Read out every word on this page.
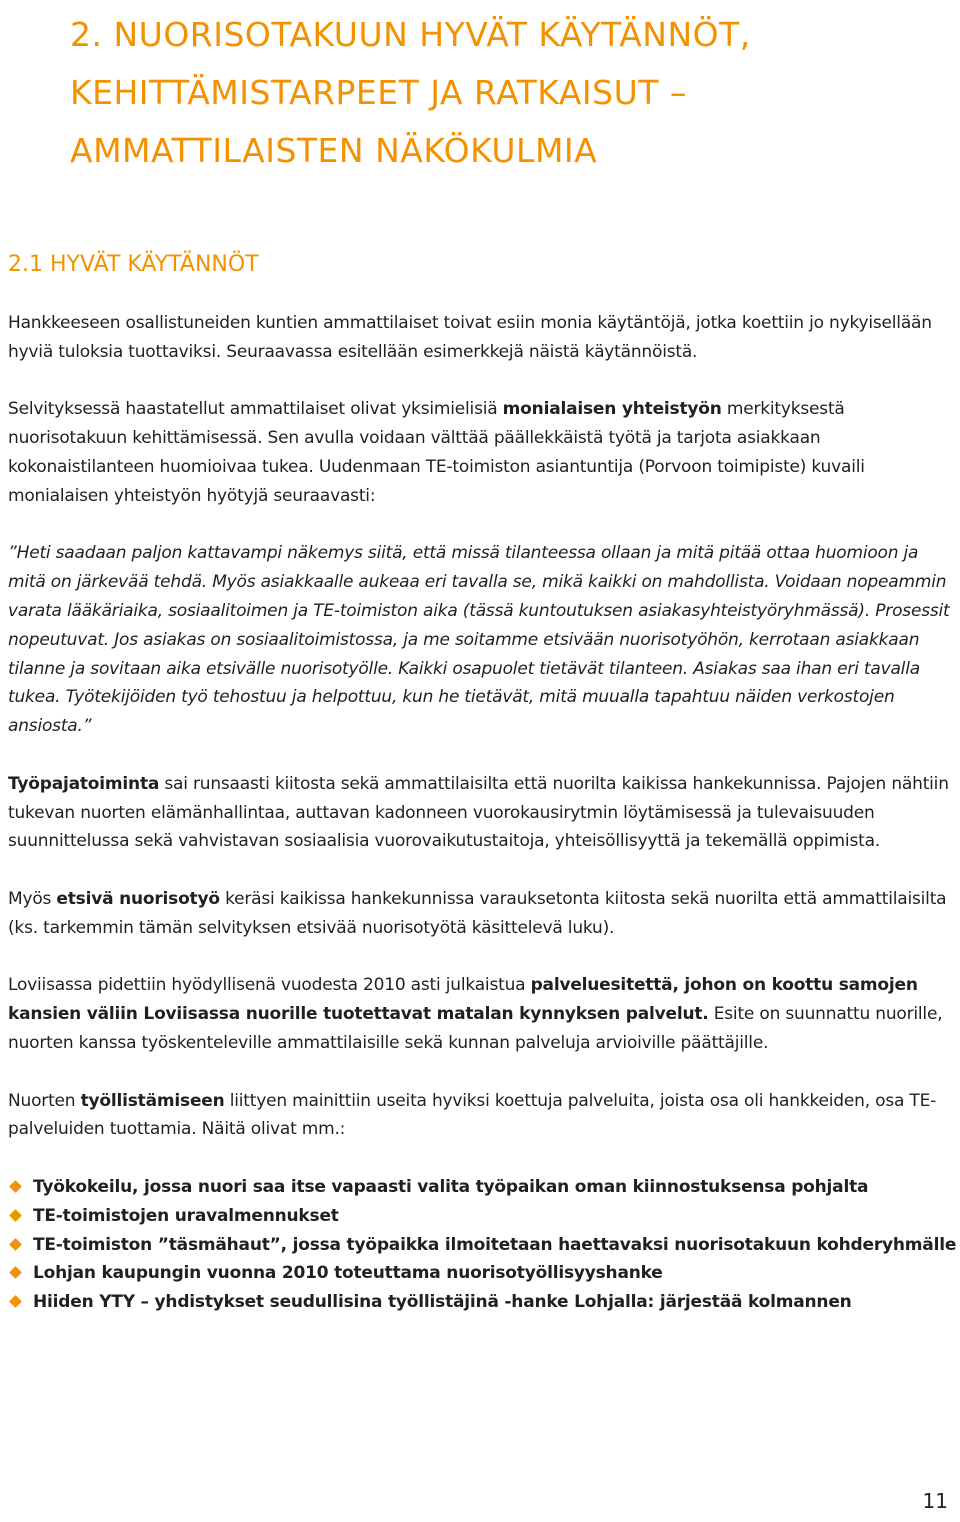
2. NUORISOTAKUUN HYVÄT KÄYTÄNNÖT, KEHITTÄMISTARPEET JA RATKAISUT – AMMATTILAISTEN NÄKÖKULMIA
2.1 HYVÄT KÄYTÄNNÖT

Hankkeeseen osallistuneiden kuntien ammattilaiset toivat esiin monia käytäntöjä, jotka koettiin jo nykyisellään hyviä tuloksia tuottaviksi. Seuraavassa esitellään esimerkkejä näistä käytännöistä.

Selvityksessä haastatellut ammattilaiset olivat yksimielisiä monialaisen yhteistyön merkityksestä nuorisotakuun kehittämisessä. Sen avulla voidaan välttää päällekkäistä työtä ja tarjota asiakkaan kokonaistilanteen huomioivaa tukea. Uudenmaan TE-toimiston asiantuntija (Porvoon toimipiste) kuvaili monialaisen yhteistyön hyötyjä seuraavasti:

”Heti saadaan paljon kattavampi näkemys siitä, että missä tilanteessa ollaan ja mitä pitää ottaa huomioon ja mitä on järkevää tehdä. Myös asiakkaalle aukeaa eri tavalla se, mikä kaikki on mahdollista. Voidaan nopeammin varata lääkäriaika, sosiaalitoimen ja TE-toimiston aika (tässä kuntoutuksen asiakasyhteistyöryhmässä). Prosessit nopeutuvat. Jos asiakas on sosiaalitoimistossa, ja me soitamme etsivään nuorisotyöhön, kerrotaan asiakkaan tilanne ja sovitaan aika etsivälle nuorisotyölle. Kaikki osapuolet tietävät tilanteen. Asiakas saa ihan eri tavalla tukea. Työtekijöiden työ tehostuu ja helpottuu, kun he tietävät, mitä muualla tapahtuu näiden verkostojen ansiosta.”

Työpajatoiminta sai runsaasti kiitosta sekä ammattilaisilta että nuorilta kaikissa hankekunnissa. Pajojen nähtiin tukevan nuorten elämänhallintaa, auttavan kadonneen vuorokausirytmin löytämisessä ja tulevaisuuden suunnittelussa sekä vahvistavan sosiaalisia vuorovaikutustaitoja, yhteisöllisyyttä ja tekemällä oppimista.

Myös etsivä nuorisotyö keräsi kaikissa hankekunnissa varauksetonta kiitosta sekä nuorilta että ammattilaisilta (ks. tarkemmin tämän selvityksen etsivää nuorisotyötä käsittelevä luku).

Loviisassa pidettiin hyödyllisenä vuodesta 2010 asti julkaistua palveluesitettä, johon on koottu samojen kansien väliin Loviisassa nuorille tuotettavat matalan kynnyksen palvelut. Esite on suunnattu nuorille, nuorten kanssa työskenteleville ammattilaisille sekä kunnan palveluja arvioiville päättäjille.

Nuorten työllistämiseen liittyen mainittiin useita hyviksi koettuja palveluita, joista osa oli hankkeiden, osa TE-palveluiden tuottamia. Näitä olivat mm.:

Työkokeilu, jossa nuori saa itse vapaasti valita työpaikan oman kiinnostuksensa pohjalta
TE-toimistojen uravalmennukset
TE-toimiston ”täsmähaut”, jossa työpaikka ilmoitetaan haettavaksi nuorisotakuun kohderyhmälle
Lohjan kaupungin vuonna 2010 toteuttama nuorisotyöllisyyshanke
Hiiden YTY – yhdistykset seudullisina työllistäjinä -hanke Lohjalla: järjestää kolmannen
11
